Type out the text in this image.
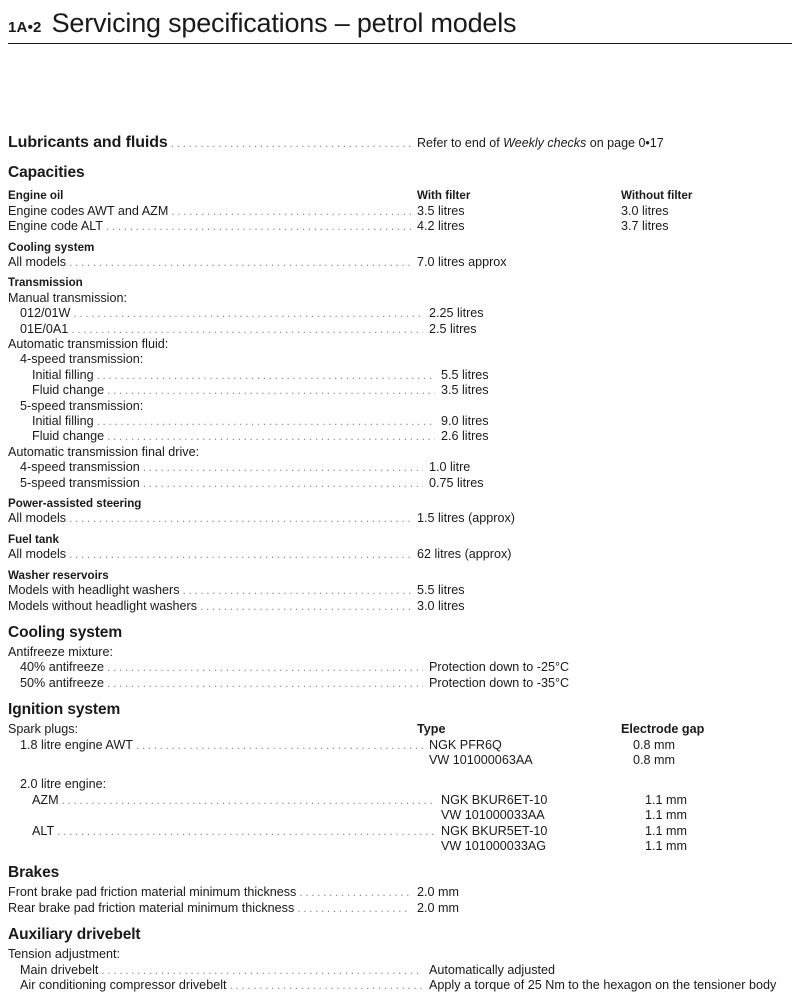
1A•2 Servicing specifications – petrol models
Lubricants and fluids .....	Refer to end of Weekly checks on page 0•17
Capacities
Engine oil	With filter	Without filter
Engine codes AWT and AZM .....	3.5 litres	3.0 litres
Engine code ALT .....	4.2 litres	3.7 litres
Cooling system
All models .....	7.0 litres approx
Transmission
Manual transmission:
012/01W .....	2.25 litres
01E/0A1 .....	2.5 litres
Automatic transmission fluid:
4-speed transmission:
Initial filling .....	5.5 litres
Fluid change .....	3.5 litres
5-speed transmission:
Initial filling .....	9.0 litres
Fluid change .....	2.6 litres
Automatic transmission final drive:
4-speed transmission .....	1.0 litre
5-speed transmission .....	0.75 litres
Power-assisted steering
All models .....	1.5 litres (approx)
Fuel tank
All models .....	62 litres (approx)
Washer reservoirs
Models with headlight washers .....	5.5 litres
Models without headlight washers .....	3.0 litres
Cooling system
Antifreeze mixture:
40% antifreeze .....	Protection down to -25°C
50% antifreeze .....	Protection down to -35°C
Ignition system
Spark plugs:	Type	Electrode gap
1.8 litre engine AWT .....	NGK PFR6Q	0.8 mm
VW 101000063AA	0.8 mm
2.0 litre engine:
AZM .....	NGK BKUR6ET-10	1.1 mm
VW 101000033AA	1.1 mm
ALT .....	NGK BKUR5ET-10	1.1 mm
VW 101000033AG	1.1 mm
Brakes
Front brake pad friction material minimum thickness .....	2.0 mm
Rear brake pad friction material minimum thickness .....	2.0 mm
Auxiliary drivebelt
Tension adjustment:
Main drivebelt .....	Automatically adjusted
Air conditioning compressor drivebelt .....	Apply a torque of 25 Nm to the hexagon on the tensioner body
